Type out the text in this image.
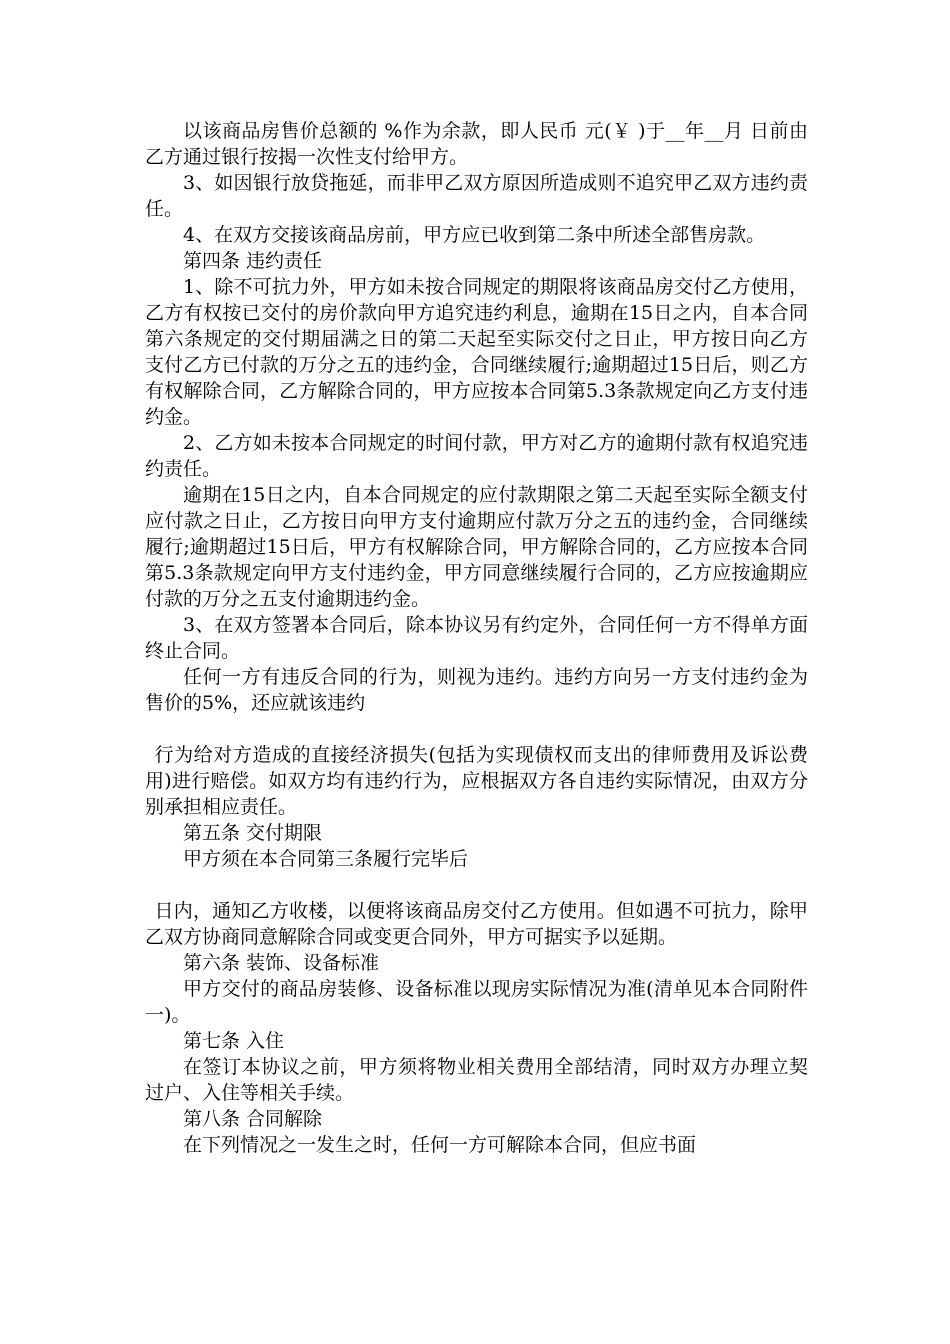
以该商品房售价总额的 %作为余款，即人民币 元(￥ )于__年__月 日前由乙方通过银行按揭一次性支付给甲方。

3、如因银行放贷拖延，而非甲乙双方原因所造成则不追究甲乙双方违约责任。

4、在双方交接该商品房前，甲方应已收到第二条中所述全部售房款。

第四条 违约责任

1、除不可抗力外，甲方如未按合同规定的期限将该商品房交付乙方使用，乙方有权按已交付的房价款向甲方追究违约利息，逾期在15日之内，自本合同第六条规定的交付期届满之日的第二天起至实际交付之日止，甲方按日向乙方支付乙方已付款的万分之五的违约金，合同继续履行;逾期超过15日后，则乙方有权解除合同，乙方解除合同的，甲方应按本合同第5.3条款规定向乙方支付违约金。

2、乙方如未按本合同规定的时间付款，甲方对乙方的逾期付款有权追究违约责任。

逾期在15日之内，自本合同规定的应付款期限之第二天起至实际全额支付应付款之日止，乙方按日向甲方支付逾期应付款万分之五的违约金，合同继续履行;逾期超过15日后，甲方有权解除合同，甲方解除合同的，乙方应按本合同第5.3条款规定向甲方支付违约金，甲方同意继续履行合同的，乙方应按逾期应付款的万分之五支付逾期违约金。

3、在双方签署本合同后，除本协议另有约定外，合同任何一方不得单方面终止合同。

任何一方有违反合同的行为，则视为违约。违约方向另一方支付违约金为售价的5%，还应就该违约

行为给对方造成的直接经济损失(包括为实现债权而支出的律师费用及诉讼费用)进行赔偿。如双方均有违约行为，应根据双方各自违约实际情况，由双方分别承担相应责任。

第五条 交付期限

甲方须在本合同第三条履行完毕后

日内，通知乙方收楼，以便将该商品房交付乙方使用。但如遇不可抗力，除甲乙双方协商同意解除合同或变更合同外，甲方可据实予以延期。

第六条 装饰、设备标准

甲方交付的商品房装修、设备标准以现房实际情况为准(清单见本合同附件一)。

第七条 入住

在签订本协议之前，甲方须将物业相关费用全部结清，同时双方办理立契过户、入住等相关手续。

第八条 合同解除

在下列情况之一发生之时，任何一方可解除本合同，但应书面
